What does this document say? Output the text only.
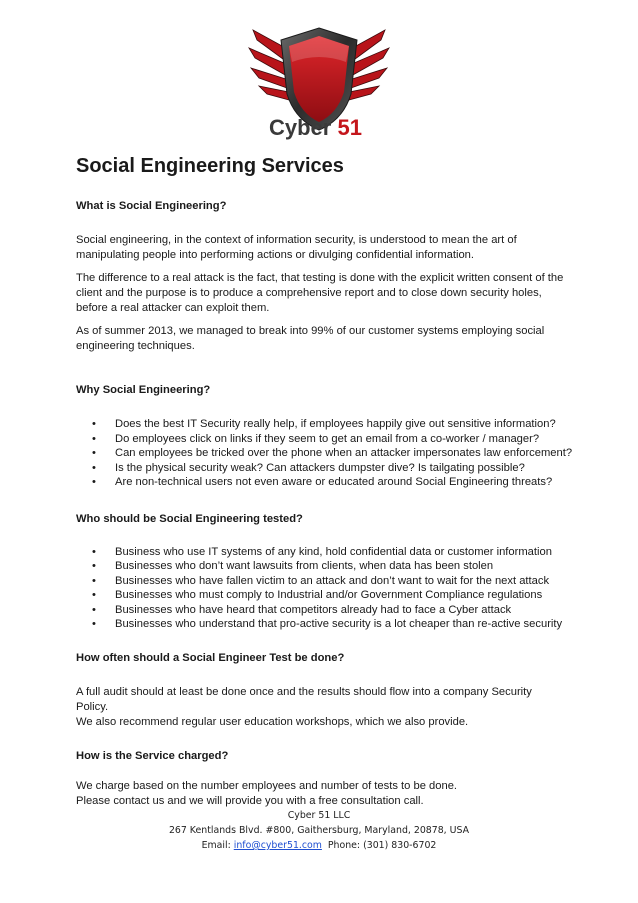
Cyber 51
Social Engineering Services
What is Social Engineering?

Social engineering, in the context of information security, is understood to mean the art of manipulating people into performing actions or divulging confidential information.

The difference to a real attack is the fact, that testing is done with the explicit written consent of the client and the purpose is to produce a comprehensive report and to close down security holes, before a real attacker can exploit them.

As of summer 2013, we managed to break into 99% of our customer systems employing social engineering techniques.

Why Social Engineering?
• Does the best IT Security really help, if employees happily give out sensitive information?
• Do employees click on links if they seem to get an email from a co-worker / manager?
• Can employees be tricked over the phone when an attacker impersonates law enforcement?
• Is the physical security weak? Can attackers dumpster dive? Is tailgating possible?
• Are non-technical users not even aware or educated around Social Engineering threats?
Who should be Social Engineering tested?
• Business who use IT systems of any kind, hold confidential data or customer information
• Businesses who don’t want lawsuits from clients, when data has been stolen
• Businesses who have fallen victim to an attack and don’t want to wait for the next attack
• Businesses who must comply to Industrial and/or Government Compliance regulations
• Businesses who have heard that competitors already had to face a Cyber attack
• Businesses who understand that pro-active security is a lot cheaper than re-active security
How often should a Social Engineer Test be done?

A full audit should at least be done once and the results should flow into a company Security Policy.

We also recommend regular user education workshops, which we also provide.

How is the Service charged?

We charge based on the number employees and number of tests to be done.

Please contact us and we will provide you with a free consultation call.

Cyber 51 LLC
267 Kentlands Blvd. #800, Gaithersburg, Maryland, 20878, USA
Email: info@cyber51.com Phone: (301) 830-6702
